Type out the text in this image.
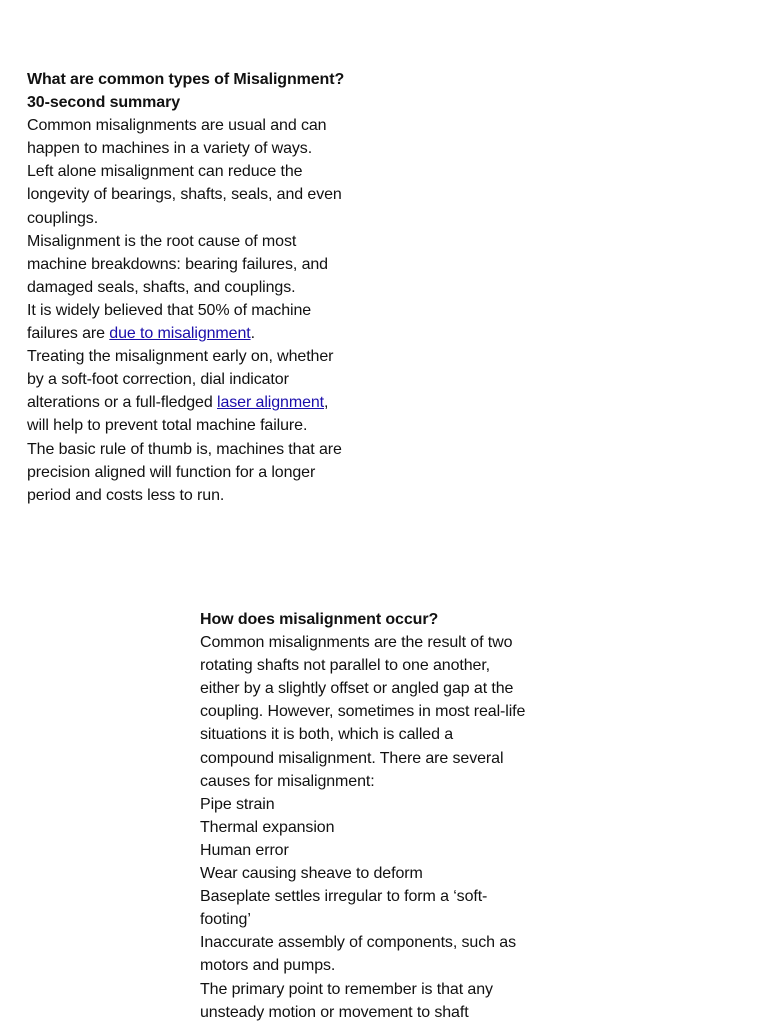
What are common types of Misalignment?
30-second summary
Common misalignments are usual and can
happen to machines in a variety of ways.
Left alone misalignment can reduce the
longevity of bearings, shafts, seals, and even
couplings.
Misalignment is the root cause of most
machine breakdowns: bearing failures, and
damaged seals, shafts, and couplings.
It is widely believed that 50% of machine
failures are due to misalignment.
Treating the misalignment early on, whether
by a soft-foot correction, dial indicator
alterations or a full-fledged laser alignment,
will help to prevent total machine failure.
The basic rule of thumb is, machines that are
precision aligned will function for a longer
period and costs less to run.
How does misalignment occur?
Common misalignments are the result of two
rotating shafts not parallel to one another,
either by a slightly offset or angled gap at the
coupling. However, sometimes in most real-life
situations it is both, which is called a
compound misalignment. There are several
causes for misalignment:
Pipe strain
Thermal expansion
Human error
Wear causing sheave to deform
Baseplate settles irregular to form a ‘soft-
footing’
Inaccurate assembly of components, such as
motors and pumps.
The primary point to remember is that any
unsteady motion or movement to shaft
